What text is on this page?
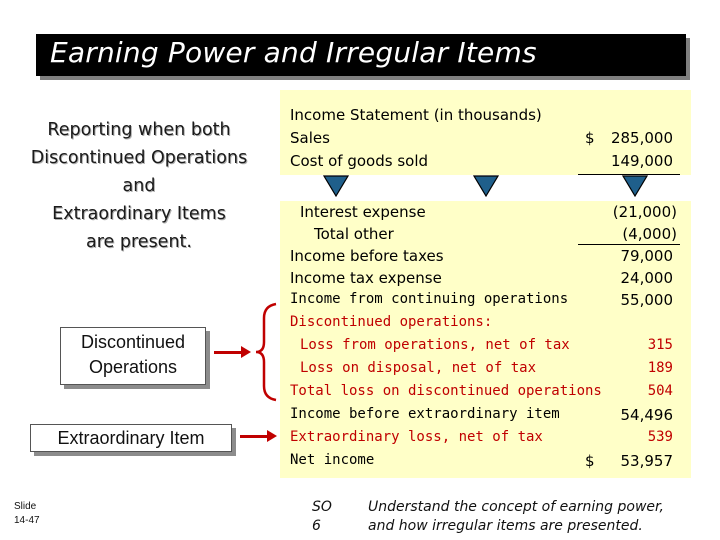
Earning Power and Irregular Items
Reporting when both
Discontinued Operations
and
Extraordinary Items
are present.
Discontinued
Operations
Extraordinary Item
Income Statement (in thousands)
Sales	$ 285,000
Cost of goods sold	149,000
Interest expense	(21,000)
Total other	(4,000)
Income before taxes	79,000
Income tax expense	24,000
Income from continuing operations	55,000
Discontinued operations:
Loss from operations, net of tax	315
Loss on disposal, net of tax	189
Total loss on discontinued operations	504
Income before extraordinary item	54,496
Extraordinary loss, net of tax	539
Net income	$ 53,957
Slide
14-47
SO 6
Understand the concept of earning power,
and how irregular items are presented.
